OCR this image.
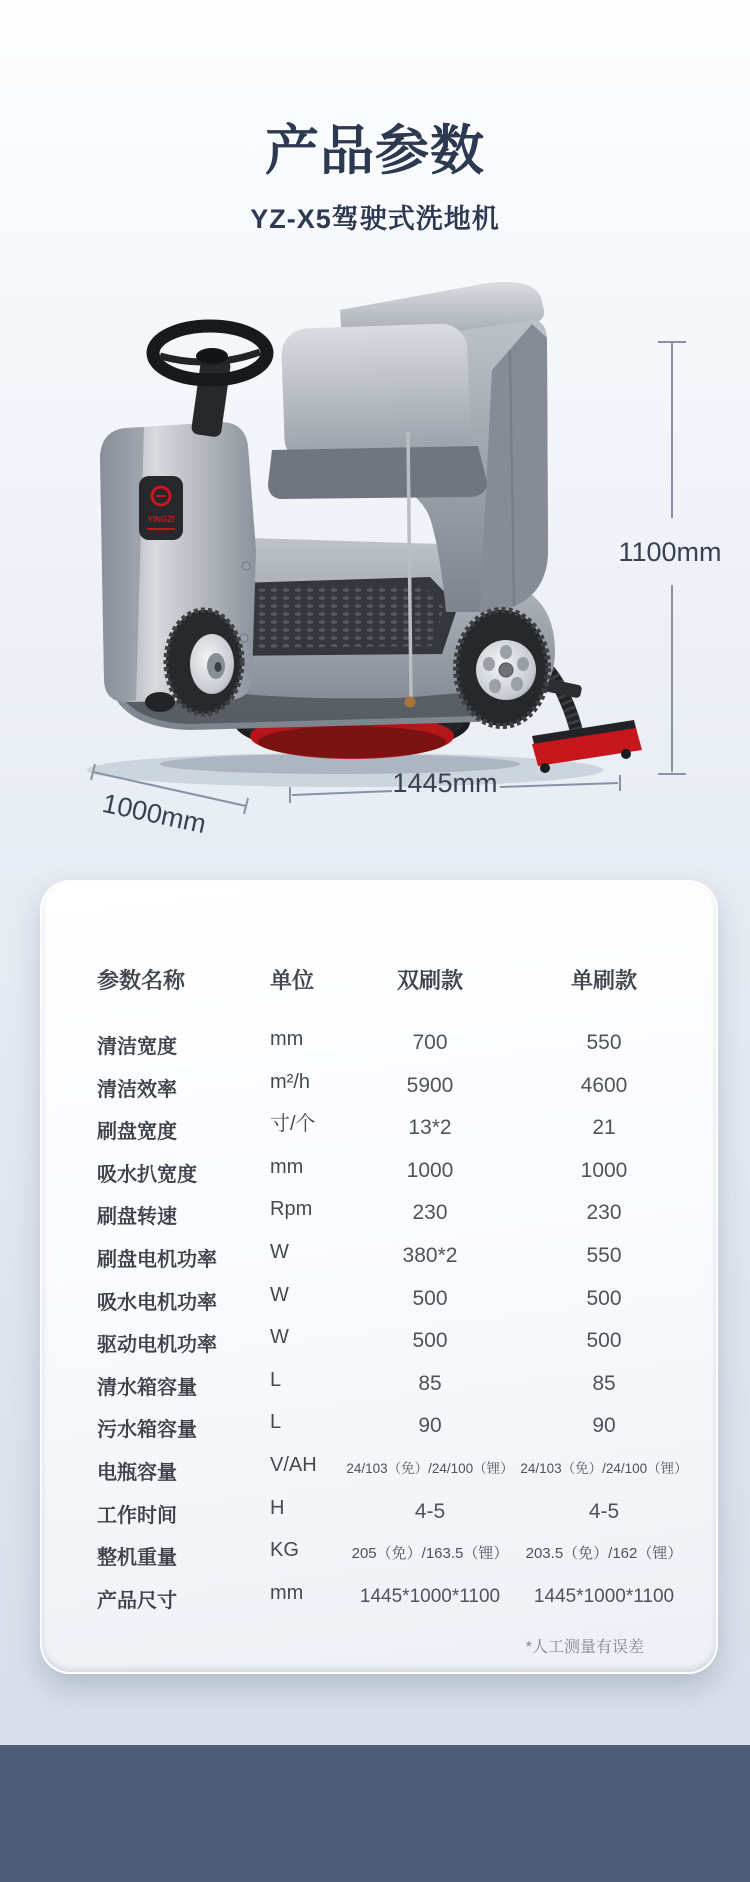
产品参数
YZ-X5驾驶式洗地机
YINGZI
1100mm
1000mm
1445mm
参数名称	单位	双刷款	单刷款
清洁宽度	mm	700	550
清洁效率	m²/h	5900	4600
刷盘宽度	寸/个	13*2	21
吸水扒宽度	mm	1000	1000
刷盘转速	Rpm	230	230
刷盘电机功率	W	380*2	550
吸水电机功率	W	500	500
驱动电机功率	W	500	500
清水箱容量	L	85	85
污水箱容量	L	90	90
电瓶容量	V/AH	24/103（免）/24/100（锂） 24/103（免）/24/100（锂）
工作时间	H	4-5	4-5
整机重量	KG	205（免）/163.5（锂）	203.5（免）/162（锂）
产品尺寸	mm	1445*1000*1100	1445*1000*1100
*人工测量有误差
